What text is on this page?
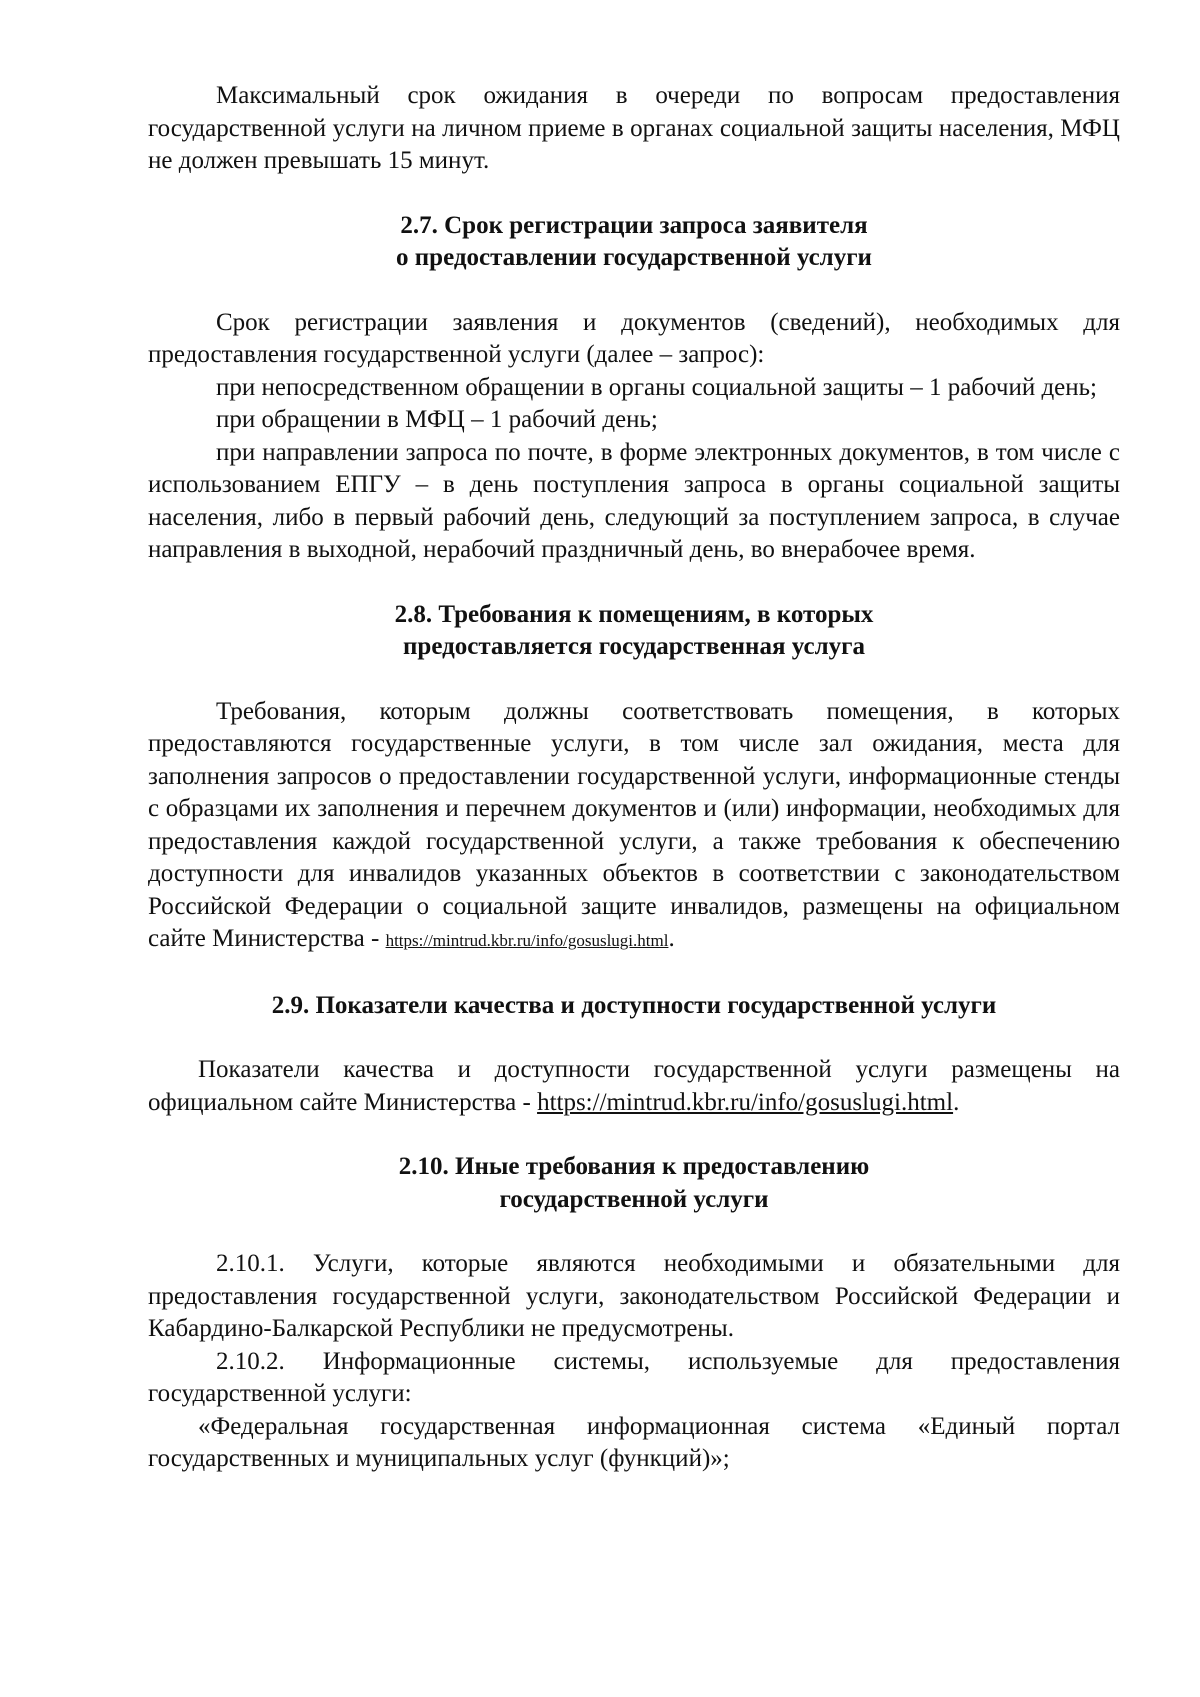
Максимальный срок ожидания в очереди по вопросам предоставления государственной услуги на личном приеме в органах социальной защиты населения, МФЦ не должен превышать 15 минут.

2.7. Срок регистрации запроса заявителя
о предоставлении государственной услуги

Срок регистрации заявления и документов (сведений), необходимых для предоставления государственной услуги (далее – запрос):

при непосредственном обращении в органы социальной защиты – 1 рабочий день;

при обращении в МФЦ – 1 рабочий день;

при направлении запроса по почте, в форме электронных документов, в том числе с использованием ЕПГУ – в день поступления запроса в органы социальной защиты населения, либо в первый рабочий день, следующий за поступлением запроса, в случае направления в выходной, нерабочий праздничный день, во внерабочее время.

2.8. Требования к помещениям, в которых
предоставляется государственная услуга

Требования, которым должны соответствовать помещения, в которых предоставляются государственные услуги, в том числе зал ожидания, места для заполнения запросов о предоставлении государственной услуги, информационные стенды с образцами их заполнения и перечнем документов и (или) информации, необходимых для предоставления каждой государственной услуги, а также требования к обеспечению доступности для инвалидов указанных объектов в соответствии с законодательством Российской Федерации о социальной защите инвалидов, размещены на официальном сайте Министерства - https://mintrud.kbr.ru/info/gosuslugi.html.

2.9. Показатели качества и доступности государственной услуги

Показатели качества и доступности государственной услуги размещены на официальном сайте Министерства - https://mintrud.kbr.ru/info/gosuslugi.html.

2.10. Иные требования к предоставлению
государственной услуги

2.10.1. Услуги, которые являются необходимыми и обязательными для предоставления государственной услуги, законодательством Российской Федерации и Кабардино-Балкарской Республики не предусмотрены.

2.10.2. Информационные системы, используемые для предоставления государственной услуги:

«Федеральная государственная информационная система «Единый портал государственных и муниципальных услуг (функций)»;
